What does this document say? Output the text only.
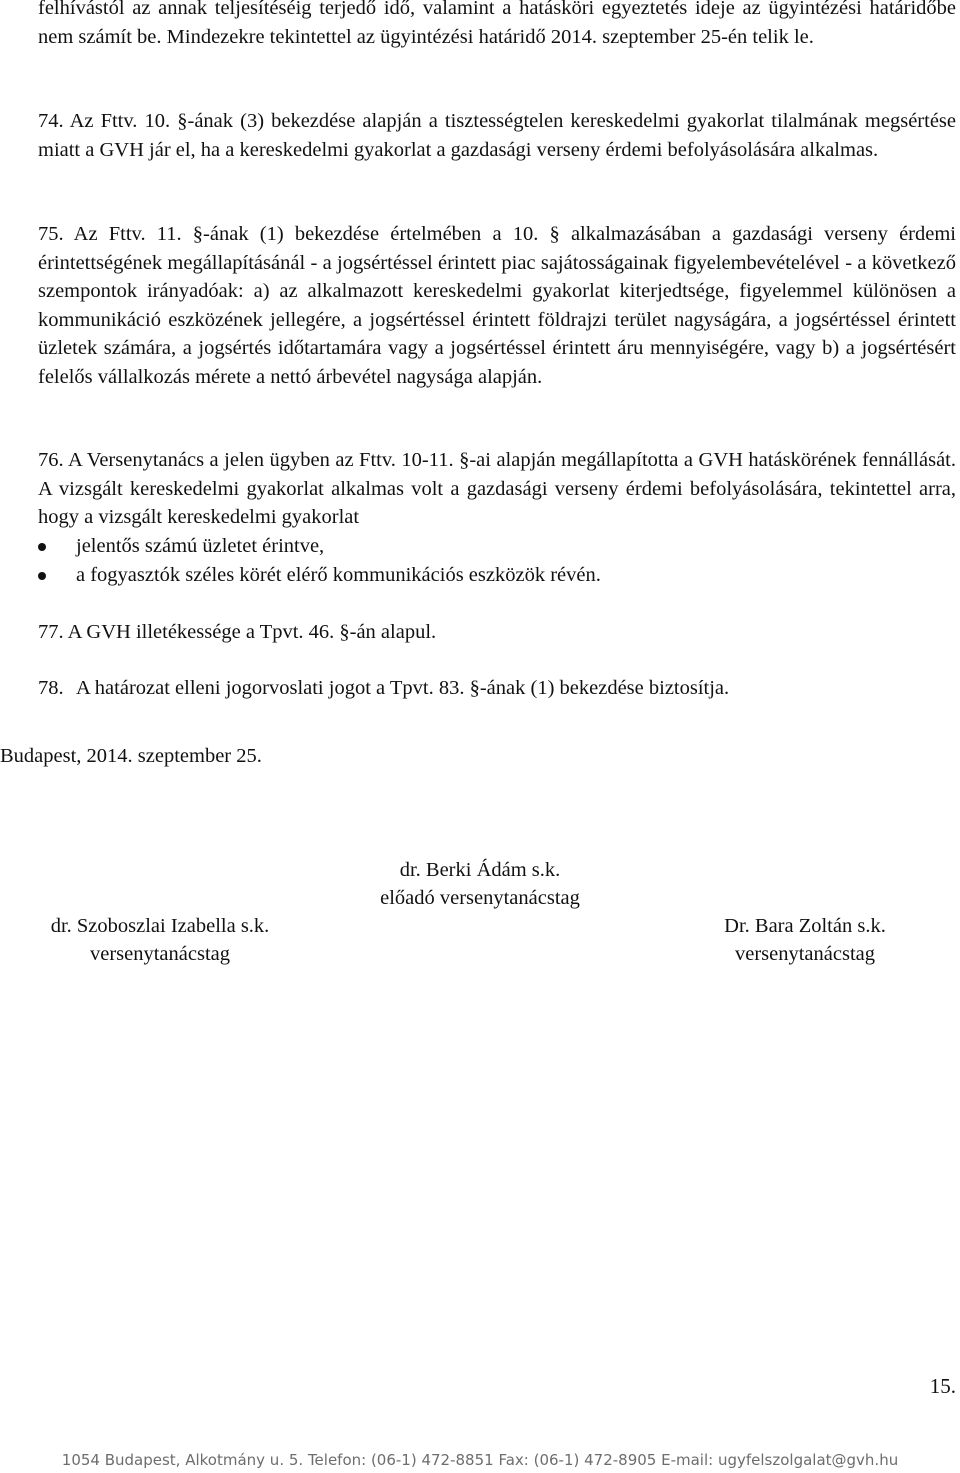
felhívástól az annak teljesítéséig terjedő idő, valamint a hatásköri egyeztetés ideje az ügyintézési határidőbe nem számít be. Mindezekre tekintettel az ügyintézési határidő 2014. szeptember 25-én telik le.

74. Az Fttv. 10. §-ának (3) bekezdése alapján a tisztességtelen kereskedelmi gyakorlat tilalmának megsértése miatt a GVH jár el, ha a kereskedelmi gyakorlat a gazdasági verseny érdemi befolyásolására alkalmas.

75. Az Fttv. 11. §-ának (1) bekezdése értelmében a 10. § alkalmazásában a gazdasági verseny érdemi érintettségének megállapításánál - a jogsértéssel érintett piac sajátosságainak figyelembevételével - a következő szempontok irányadóak: a) az alkalmazott kereskedelmi gyakorlat kiterjedtsége, figyelemmel különösen a kommunikáció eszközének jellegére, a jogsértéssel érintett földrajzi terület nagyságára, a jogsértéssel érintett üzletek számára, a jogsértés időtartamára vagy a jogsértéssel érintett áru mennyiségére, vagy b) a jogsértésért felelős vállalkozás mérete a nettó árbevétel nagysága alapján.

76. A Versenytanács a jelen ügyben az Fttv. 10-11. §-ai alapján megállapította a GVH hatáskörének fennállását. A vizsgált kereskedelmi gyakorlat alkalmas volt a gazdasági verseny érdemi befolyásolására, tekintettel arra, hogy a vizsgált kereskedelmi gyakorlat

jelentős számú üzletet érintve,
a fogyasztók széles körét elérő kommunikációs eszközök révén.

77. A GVH illetékessége a Tpvt. 46. §-án alapul.

78. A határozat elleni jogorvoslati jogot a Tpvt. 83. §-ának (1) bekezdése biztosítja.

Budapest, 2014. szeptember 25.
dr. Berki Ádám s.k.
előadó versenytanácstag
dr. Szoboszlai Izabella s.k.
versenytanácstag
Dr. Bara Zoltán s.k.
versenytanácstag
15.
1054 Budapest, Alkotmány u. 5. Telefon: (06-1) 472-8851 Fax: (06-1) 472-8905 E-mail: ugyfelszolgalat@gvh.hu
